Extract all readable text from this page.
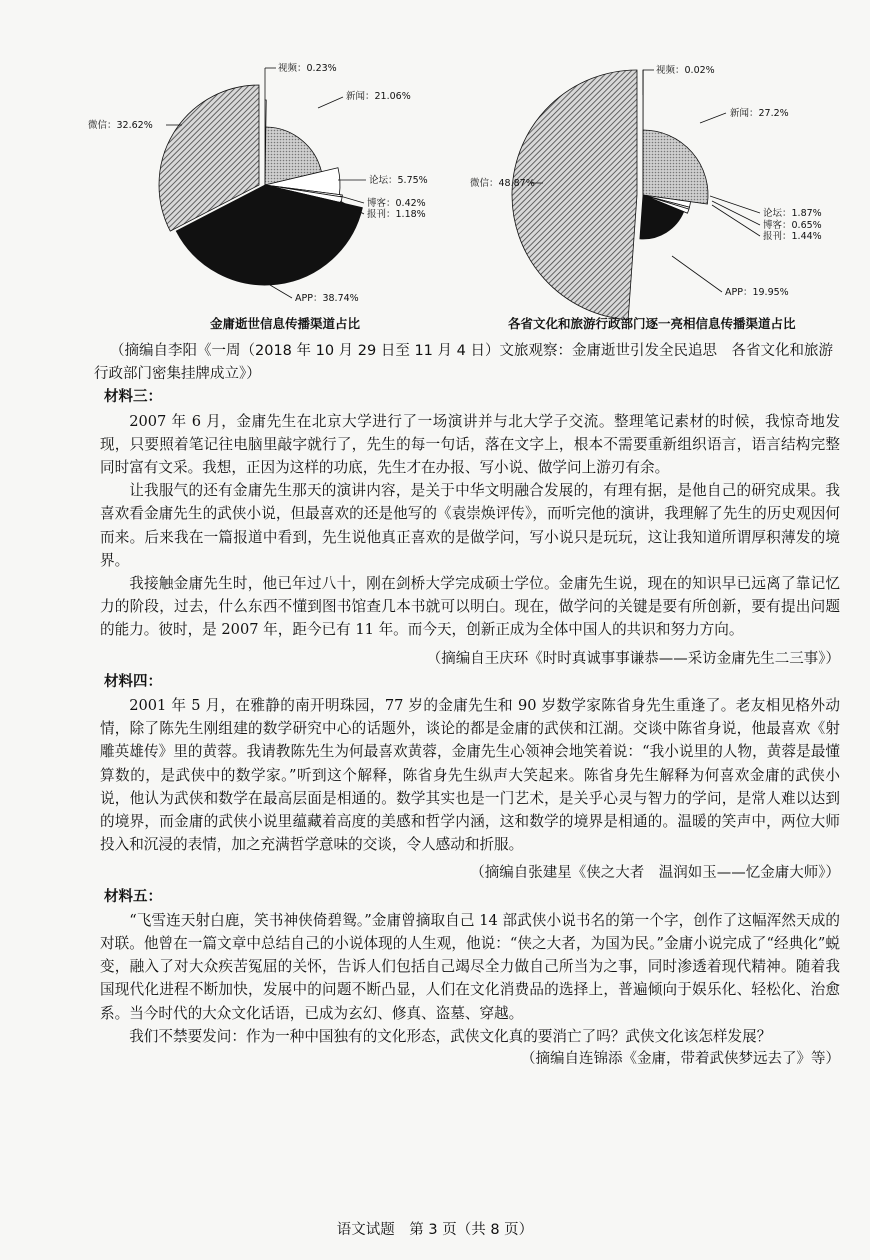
视频：0.23%
新闻：21.06%
微信：32.62%
论坛：5.75%
博客：0.42%
报刊：1.18%
APP：38.74%
金庸逝世信息传播渠道占比
视频：0.02%
新闻：27.2%
微信：48.87%
论坛：1.87%
博客：0.65%
报刊：1.44%
APP：19.95%
各省文化和旅游行政部门逐一亮相信息传播渠道占比

（摘编自李阳《一周（2018 年 10 月 29 日至 11 月 4 日）文旅观察：金庸逝世引发全民追思　各省文化和旅游行政部门密集挂牌成立》）

材料三：

2007 年 6 月，金庸先生在北京大学进行了一场演讲并与北大学子交流。整理笔记素材的时候，我惊奇地发现，只要照着笔记往电脑里敲字就行了，先生的每一句话，落在文字上，根本不需要重新组织语言，语言结构完整同时富有文采。我想，正因为这样的功底，先生才在办报、写小说、做学问上游刃有余。

让我服气的还有金庸先生那天的演讲内容，是关于中华文明融合发展的，有理有据，是他自己的研究成果。我喜欢看金庸先生的武侠小说，但最喜欢的还是他写的《袁崇焕评传》，而听完他的演讲，我理解了先生的历史观因何而来。后来我在一篇报道中看到，先生说他真正喜欢的是做学问，写小说只是玩玩，这让我知道所谓厚积薄发的境界。

我接触金庸先生时，他已年过八十，刚在剑桥大学完成硕士学位。金庸先生说，现在的知识早已远离了靠记忆力的阶段，过去，什么东西不懂到图书馆查几本书就可以明白。现在，做学问的关键是要有所创新，要有提出问题的能力。彼时，是 2007 年，距今已有 11 年。而今天，创新正成为全体中国人的共识和努力方向。

（摘编自王庆环《时时真诚事事谦恭——采访金庸先生二三事》）

材料四：

2001 年 5 月，在雅静的南开明珠园，77 岁的金庸先生和 90 岁数学家陈省身先生重逢了。老友相见格外动情，除了陈先生刚组建的数学研究中心的话题外，谈论的都是金庸的武侠和江湖。交谈中陈省身说，他最喜欢《射雕英雄传》里的黄蓉。我请教陈先生为何最喜欢黄蓉，金庸先生心领神会地笑着说：“我小说里的人物，黄蓉是最懂算数的，是武侠中的数学家。”听到这个解释，陈省身先生纵声大笑起来。陈省身先生解释为何喜欢金庸的武侠小说，他认为武侠和数学在最高层面是相通的。数学其实也是一门艺术，是关乎心灵与智力的学问，是常人难以达到的境界，而金庸的武侠小说里蕴藏着高度的美感和哲学内涵，这和数学的境界是相通的。温暖的笑声中，两位大师投入和沉浸的表情，加之充满哲学意味的交谈，令人感动和折服。

（摘编自张建星《侠之大者　温润如玉——忆金庸大师》）

材料五：

“飞雪连天射白鹿，笑书神侠倚碧鸳。”金庸曾摘取自己 14 部武侠小说书名的第一个字，创作了这幅浑然天成的对联。他曾在一篇文章中总结自己的小说体现的人生观，他说：“侠之大者，为国为民。”金庸小说完成了“经典化”蜕变，融入了对大众疾苦冤屈的关怀，告诉人们包括自己竭尽全力做自己所当为之事，同时渗透着现代精神。随着我国现代化进程不断加快，发展中的问题不断凸显，人们在文化消费品的选择上，普遍倾向于娱乐化、轻松化、治愈系。当今时代的大众文化话语，已成为玄幻、修真、盗墓、穿越。

我们不禁要发问：作为一种中国独有的文化形态，武侠文化真的要消亡了吗？武侠文化该怎样发展？

（摘编自连锦添《金庸，带着武侠梦远去了》等）

语文试题　第 3 页（共 8 页）
